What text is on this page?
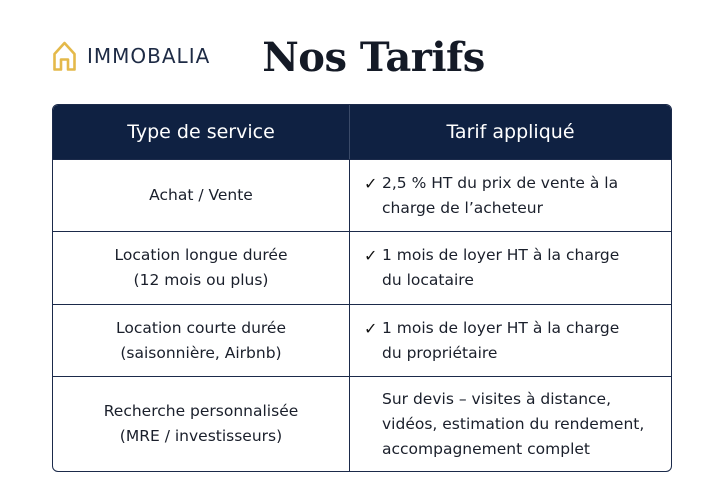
IMMOBALIA	Nos Tarifs
Type de service	Tarif appliqué
Achat / Vente
✓ 2,5 % HT du prix de vente à la
charge de l’acheteur
Location longue durée
(12 mois ou plus)
✓ 1 mois de loyer HT à la charge
du locataire
Location courte durée
(saisonnière, Airbnb)
✓ 1 mois de loyer HT à la charge
du propriétaire
Recherche personnalisée
(MRE / investisseurs)
Sur devis – visites à distance,
vidéos, estimation du rendement,
accompagnement complet
